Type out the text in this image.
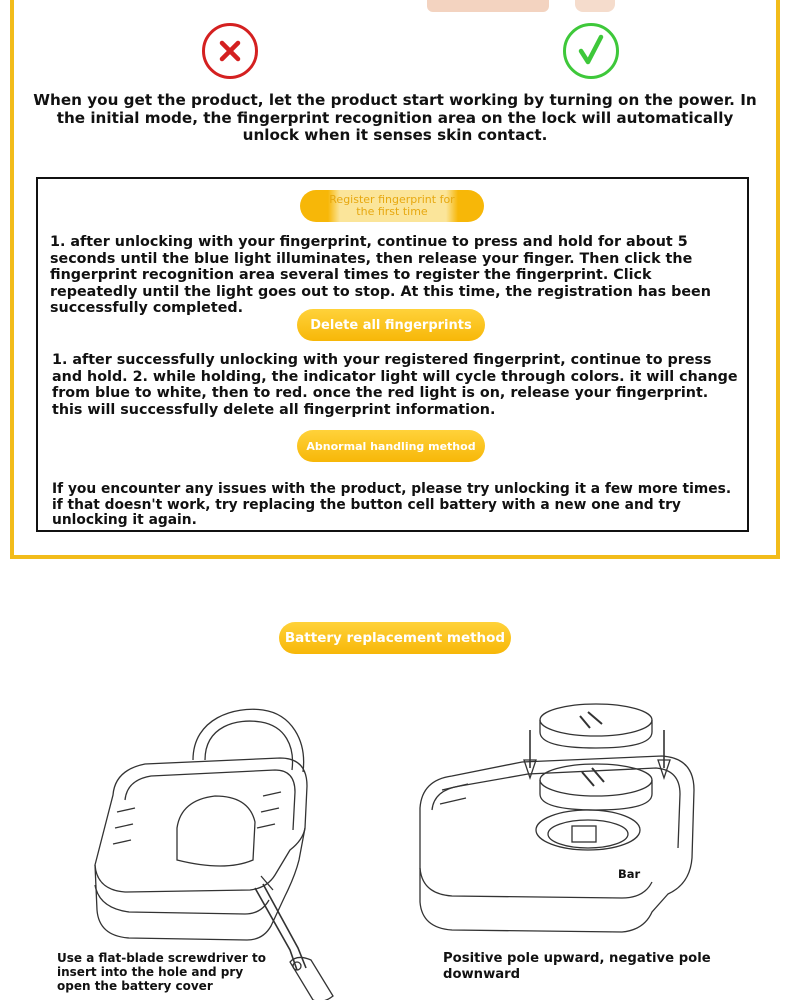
When you get the product, let the product start working by turning on the power. In the initial mode, the fingerprint recognition area on the lock will automatically unlock when it senses skin contact.
Register fingerprint for the first time
1. after unlocking with your fingerprint, continue to press and hold for about 5 seconds until the blue light illuminates, then release your finger. Then click the fingerprint recognition area several times to register the fingerprint. Click repeatedly until the light goes out to stop. At this time, the registration has been successfully completed.
Delete all fingerprints
1. after successfully unlocking with your registered fingerprint, continue to press and hold. 2. while holding, the indicator light will cycle through colors. it will change from blue to white, then to red. once the red light is on, release your fingerprint. this will successfully delete all fingerprint information.
Abnormal handling method
If you encounter any issues with the product, please try unlocking it a few more times. if that doesn't work, try replacing the button cell battery with a new one and try unlocking it again.
Battery replacement method
Bar
Use a flat-blade screwdriver to insert into the hole and pry open the battery cover
Positive pole upward, negative pole downward
